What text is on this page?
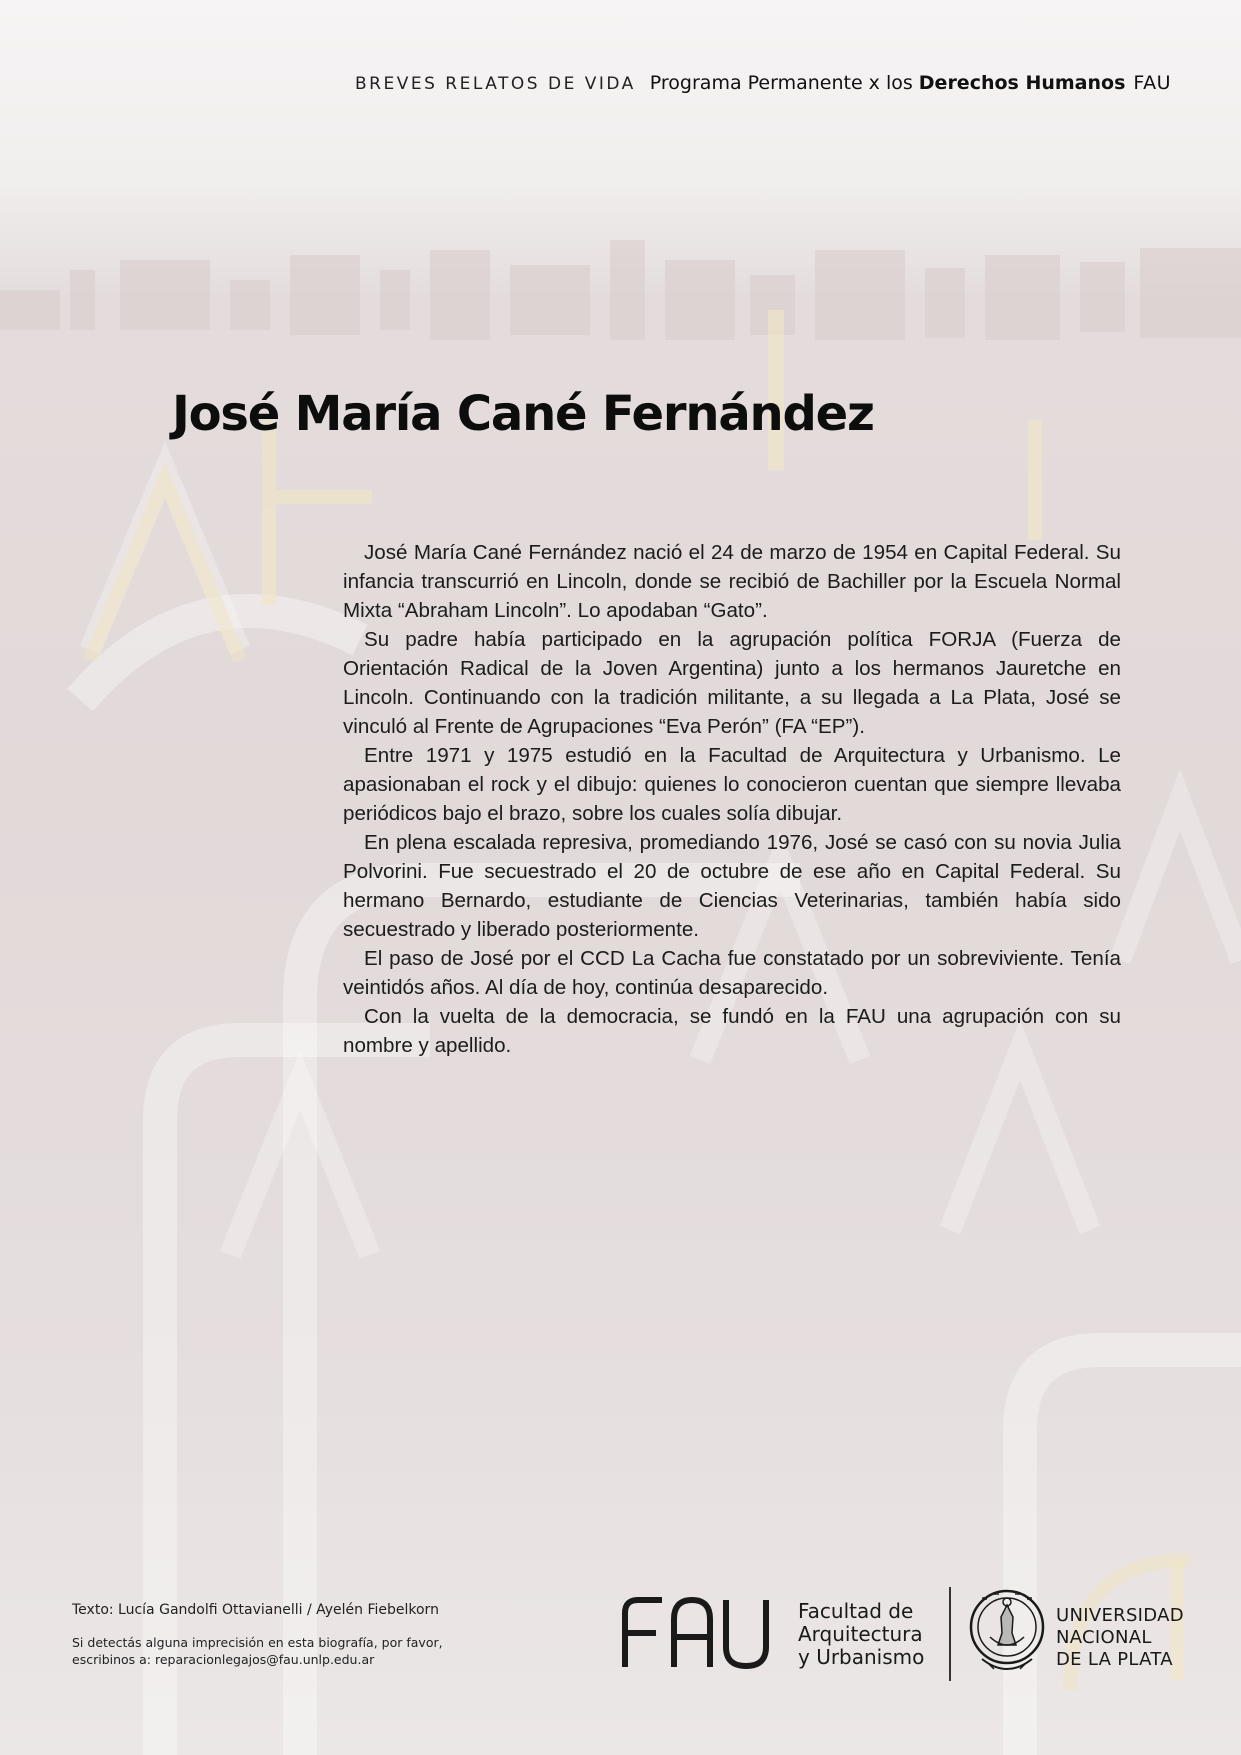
BREVES RELATOS DE VIDA Programa Permanente x los Derechos Humanos FAU
José María Cané Fernández

José María Cané Fernández nació el 24 de marzo de 1954 en Capital Federal. Su infancia transcurrió en Lincoln, donde se recibió de Bachiller por la Escuela Normal Mixta “Abraham Lincoln”. Lo apodaban “Gato”.

Su padre había participado en la agrupación política FORJA (Fuerza de Orientación Radical de la Joven Argentina) junto a los hermanos Jauretche en Lincoln. Continuando con la tradición militante, a su llegada a La Plata, José se vinculó al Frente de Agrupaciones “Eva Perón” (FA “EP”).

Entre 1971 y 1975 estudió en la Facultad de Arquitectura y Urbanismo. Le apasionaban el rock y el dibujo: quienes lo conocieron cuentan que siempre llevaba periódicos bajo el brazo, sobre los cuales solía dibujar.

En plena escalada represiva, promediando 1976, José se casó con su novia Julia Polvorini. Fue secuestrado el 20 de octubre de ese año en Capital Federal. Su hermano Bernardo, estudiante de Ciencias Veterinarias, también había sido secuestrado y liberado posteriormente.

El paso de José por el CCD La Cacha fue constatado por un sobreviviente. Tenía veintidós años. Al día de hoy, continúa desaparecido.

Con la vuelta de la democracia, se fundó en la FAU una agrupación con su nombre y apellido.

Texto: Lucía Gandolfi Ottavianelli / Ayelén Fiebelkorn
Si detectás alguna imprecisión en esta biografía, por favor,
escribinos a: reparacionlegajos@fau.unlp.edu.ar
Facultad de
Arquitectura
y Urbanismo
UNIVERSIDAD
NACIONAL
DE LA PLATA
